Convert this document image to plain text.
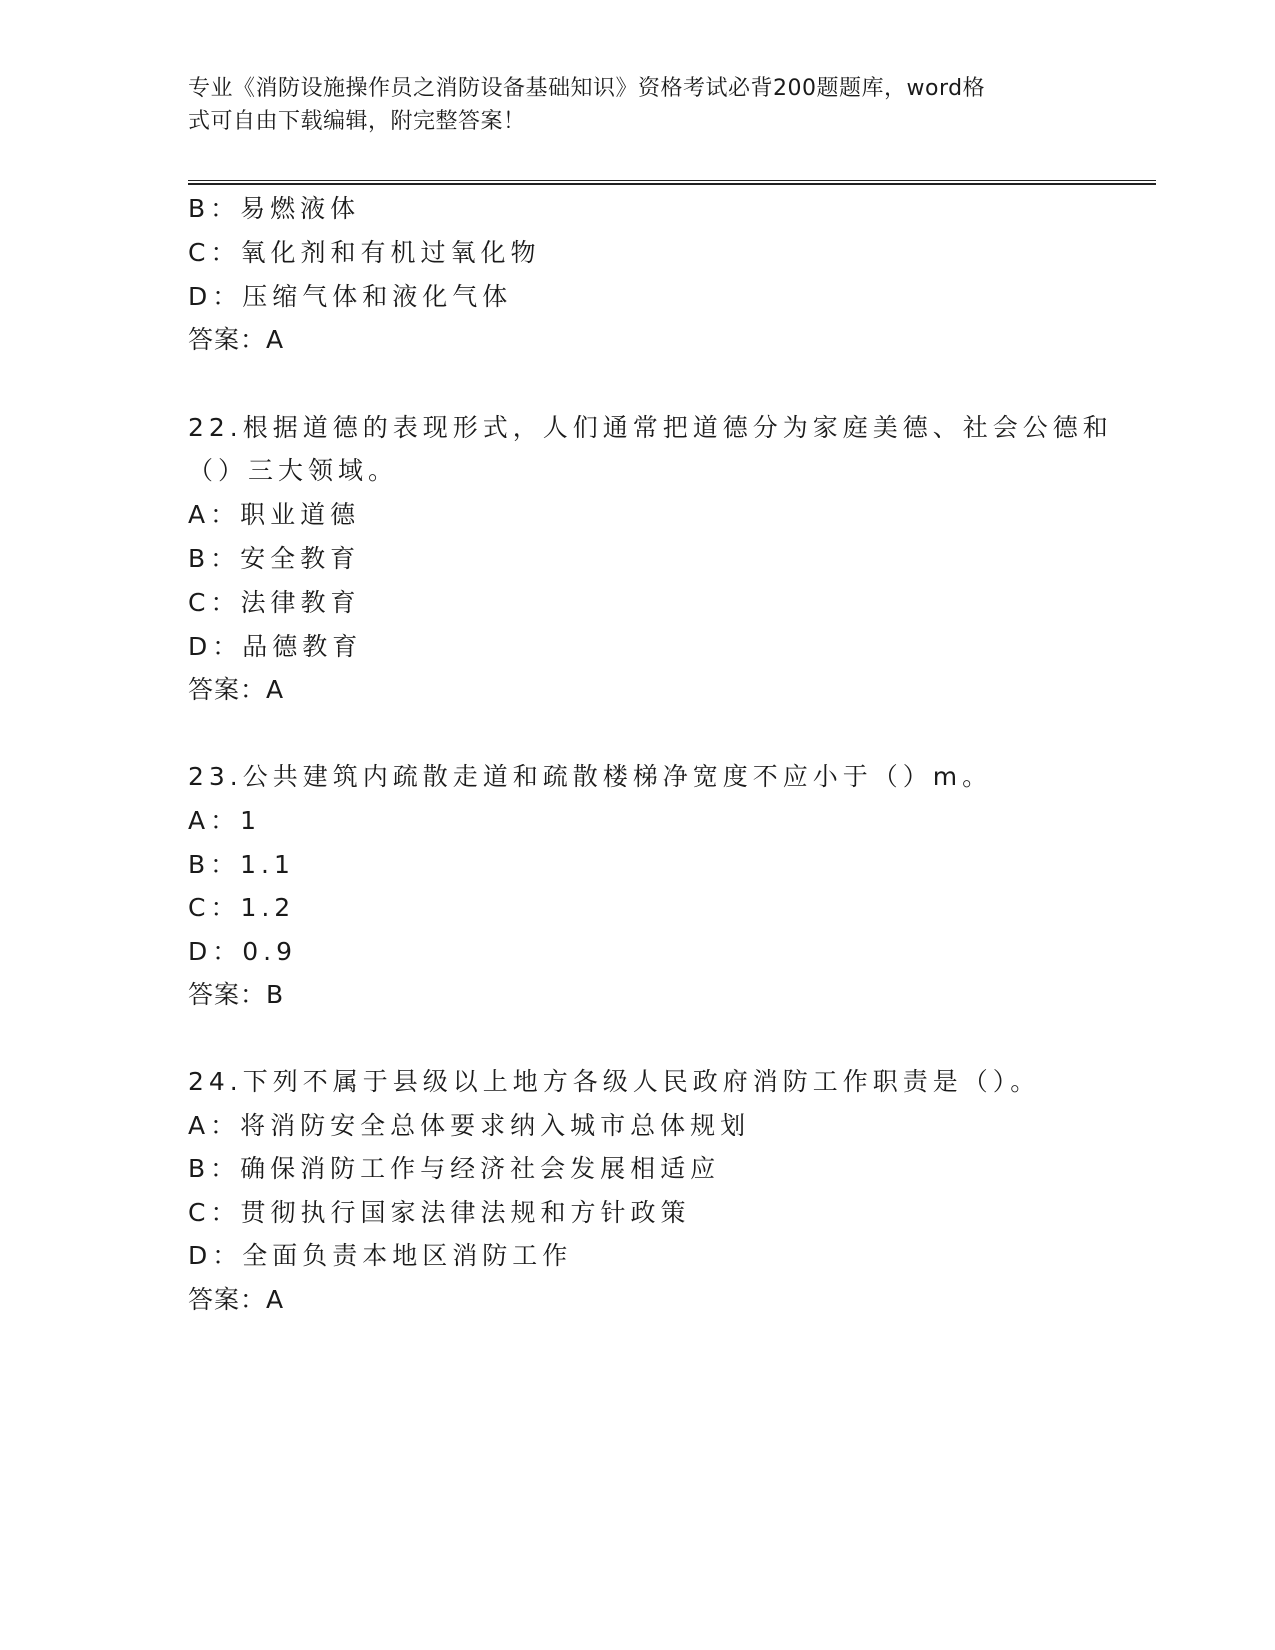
专业《消防设施操作员之消防设备基础知识》资格考试必背200题题库，word格
式可自由下载编辑，附完整答案！
B：易燃液体
C：氧化剂和有机过氧化物
D：压缩气体和液化气体
答案：A
22.根据道德的表现形式，人们通常把道德分为家庭美德、社会公德和
（）三大领域。
A：职业道德
B：安全教育
C：法律教育
D：品德教育
答案：A
23.公共建筑内疏散走道和疏散楼梯净宽度不应小于（）m。
A：1
B：1.1
C：1.2
D：0.9
答案：B
24.下列不属于县级以上地方各级人民政府消防工作职责是（）。
A：将消防安全总体要求纳入城市总体规划
B：确保消防工作与经济社会发展相适应
C：贯彻执行国家法律法规和方针政策
D：全面负责本地区消防工作
答案：A
